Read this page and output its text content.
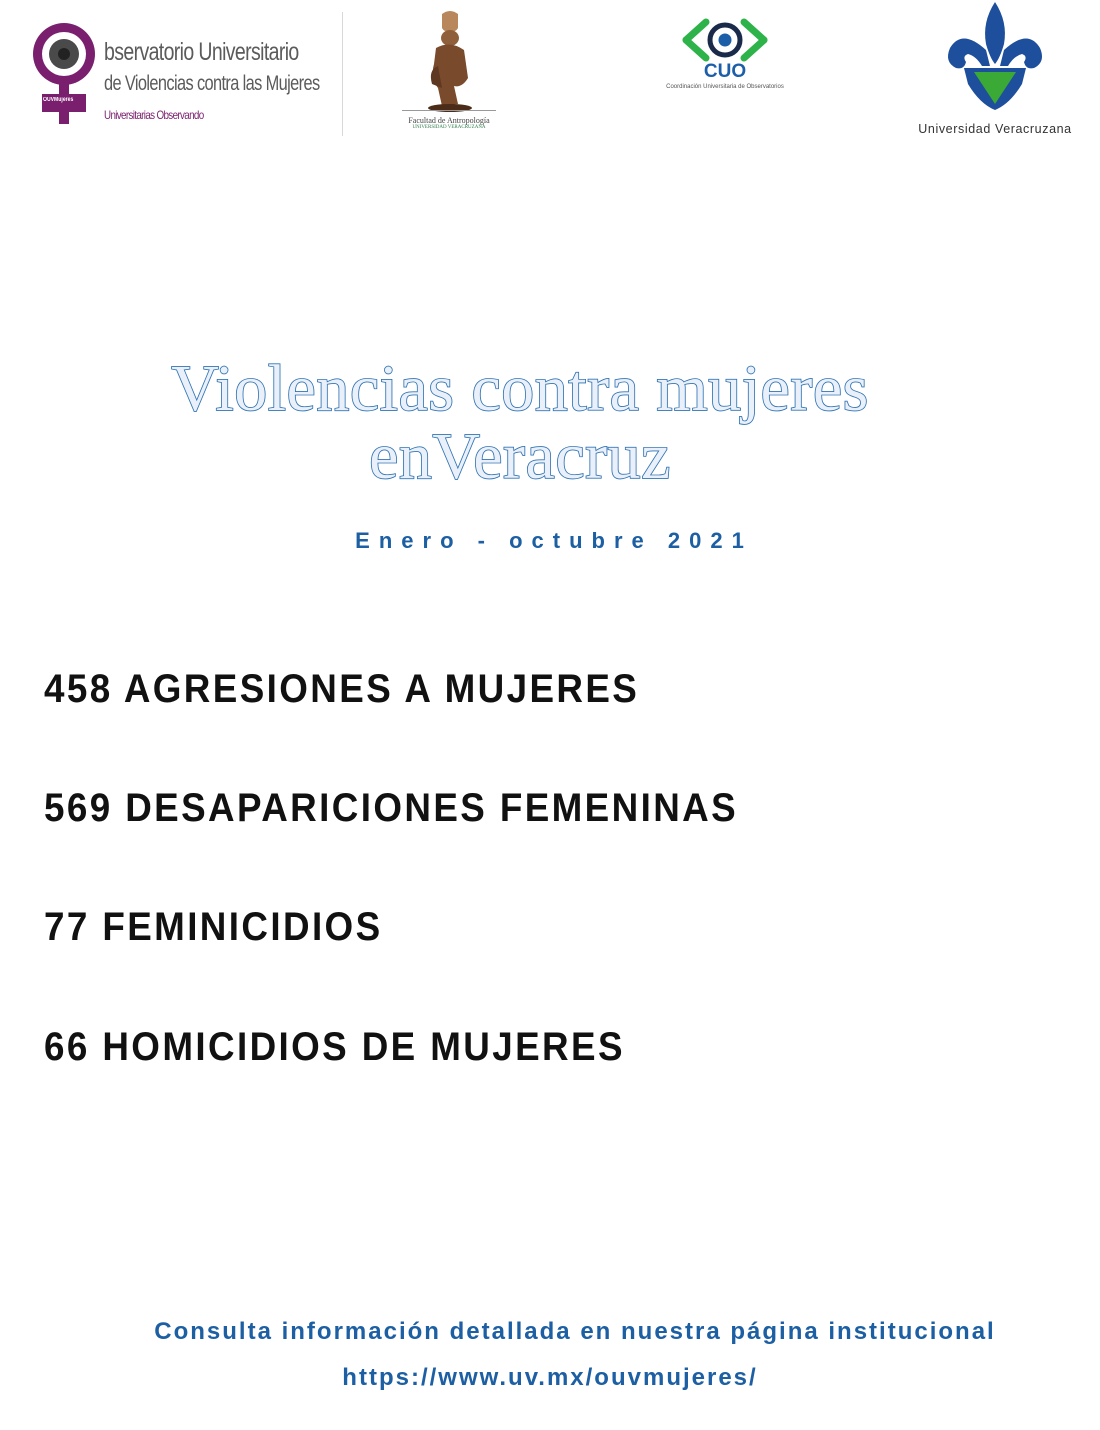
OUVMujeres
bservatorio Universitario
de Violencias contra las Mujeres
Universitarias Observando	Facultad de Antropología
UNIVERSIDAD VERACRUZANA
CUO
Coordinación Universitaria de Observatorios
Universidad Veracruzana
Violencias contra mujeres
enVeracruz
Enero - octubre 2021
458 AGRESIONES A MUJERES
569 DESAPARICIONES FEMENINAS
77 FEMINICIDIOS
66 HOMICIDIOS DE MUJERES
Consulta información detallada en nuestra página institucional
https://www.uv.mx/ouvmujeres/
